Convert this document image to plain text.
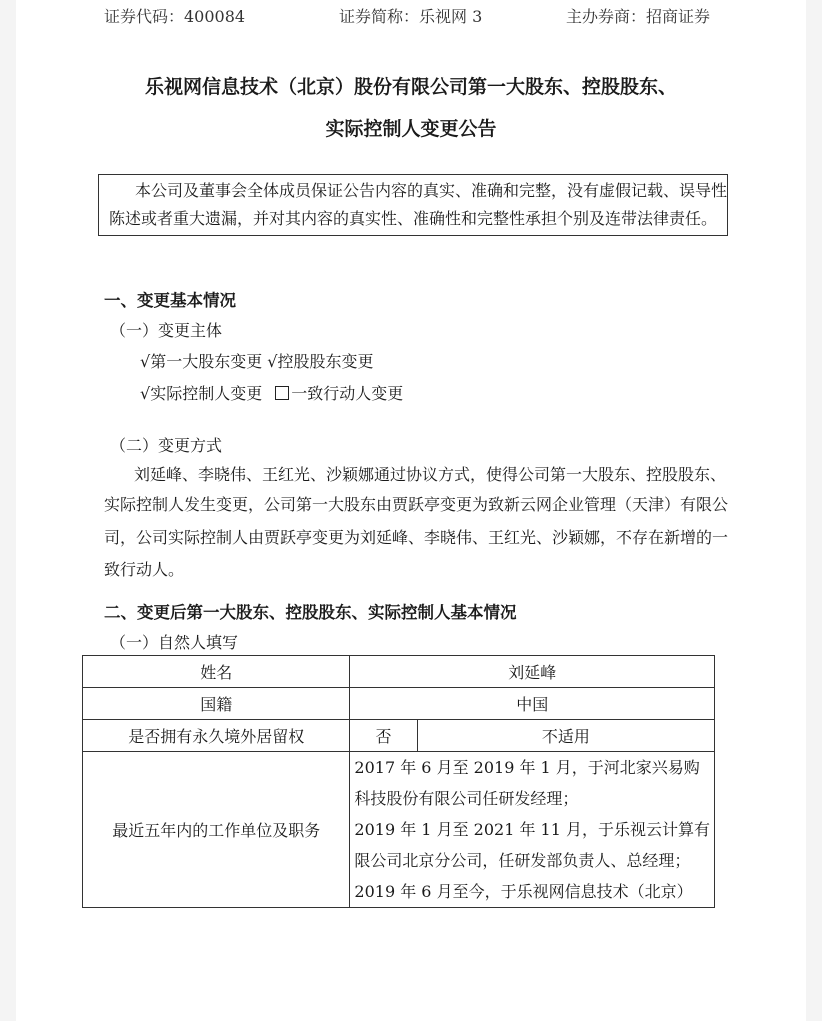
证券代码：400084	证券简称：乐视网 3	主办券商：招商证券
乐视网信息技术（北京）股份有限公司第一大股东、控股股东、
实际控制人变更公告

本公司及董事会全体成员保证公告内容的真实、准确和完整，没有虚假记载、误导性

陈述或者重大遗漏，并对其内容的真实性、准确性和完整性承担个别及连带法律责任。

一、变更基本情况
（一）变更主体
√第一大股东变更 √控股股东变更
√实际控制人变更 一致行动人变更
（二）变更方式
刘延峰、李晓伟、王红光、沙颖娜通过协议方式，使得公司第一大股东、控股股东、
实际控制人发生变更，公司第一大股东由贾跃亭变更为致新云网企业管理（天津）有限公
司，公司实际控制人由贾跃亭变更为刘延峰、李晓伟、王红光、沙颖娜，不存在新增的一
致行动人。
二、变更后第一大股东、控股股东、实际控制人基本情况
（一）自然人填写
姓名	刘延峰	
国籍	中国	
是否拥有永久境外居留权	否	不适用
最近五年内的工作单位及职务	2017 年 6 月至 2019 年 1 月，于河北家兴易购
科技股份有限公司任研发经理；
2019 年 1 月至 2021 年 11 月，于乐视云计算有
限公司北京分公司，任研发部负责人、总经理；
2019 年 6 月至今，于乐视网信息技术（北京）	
